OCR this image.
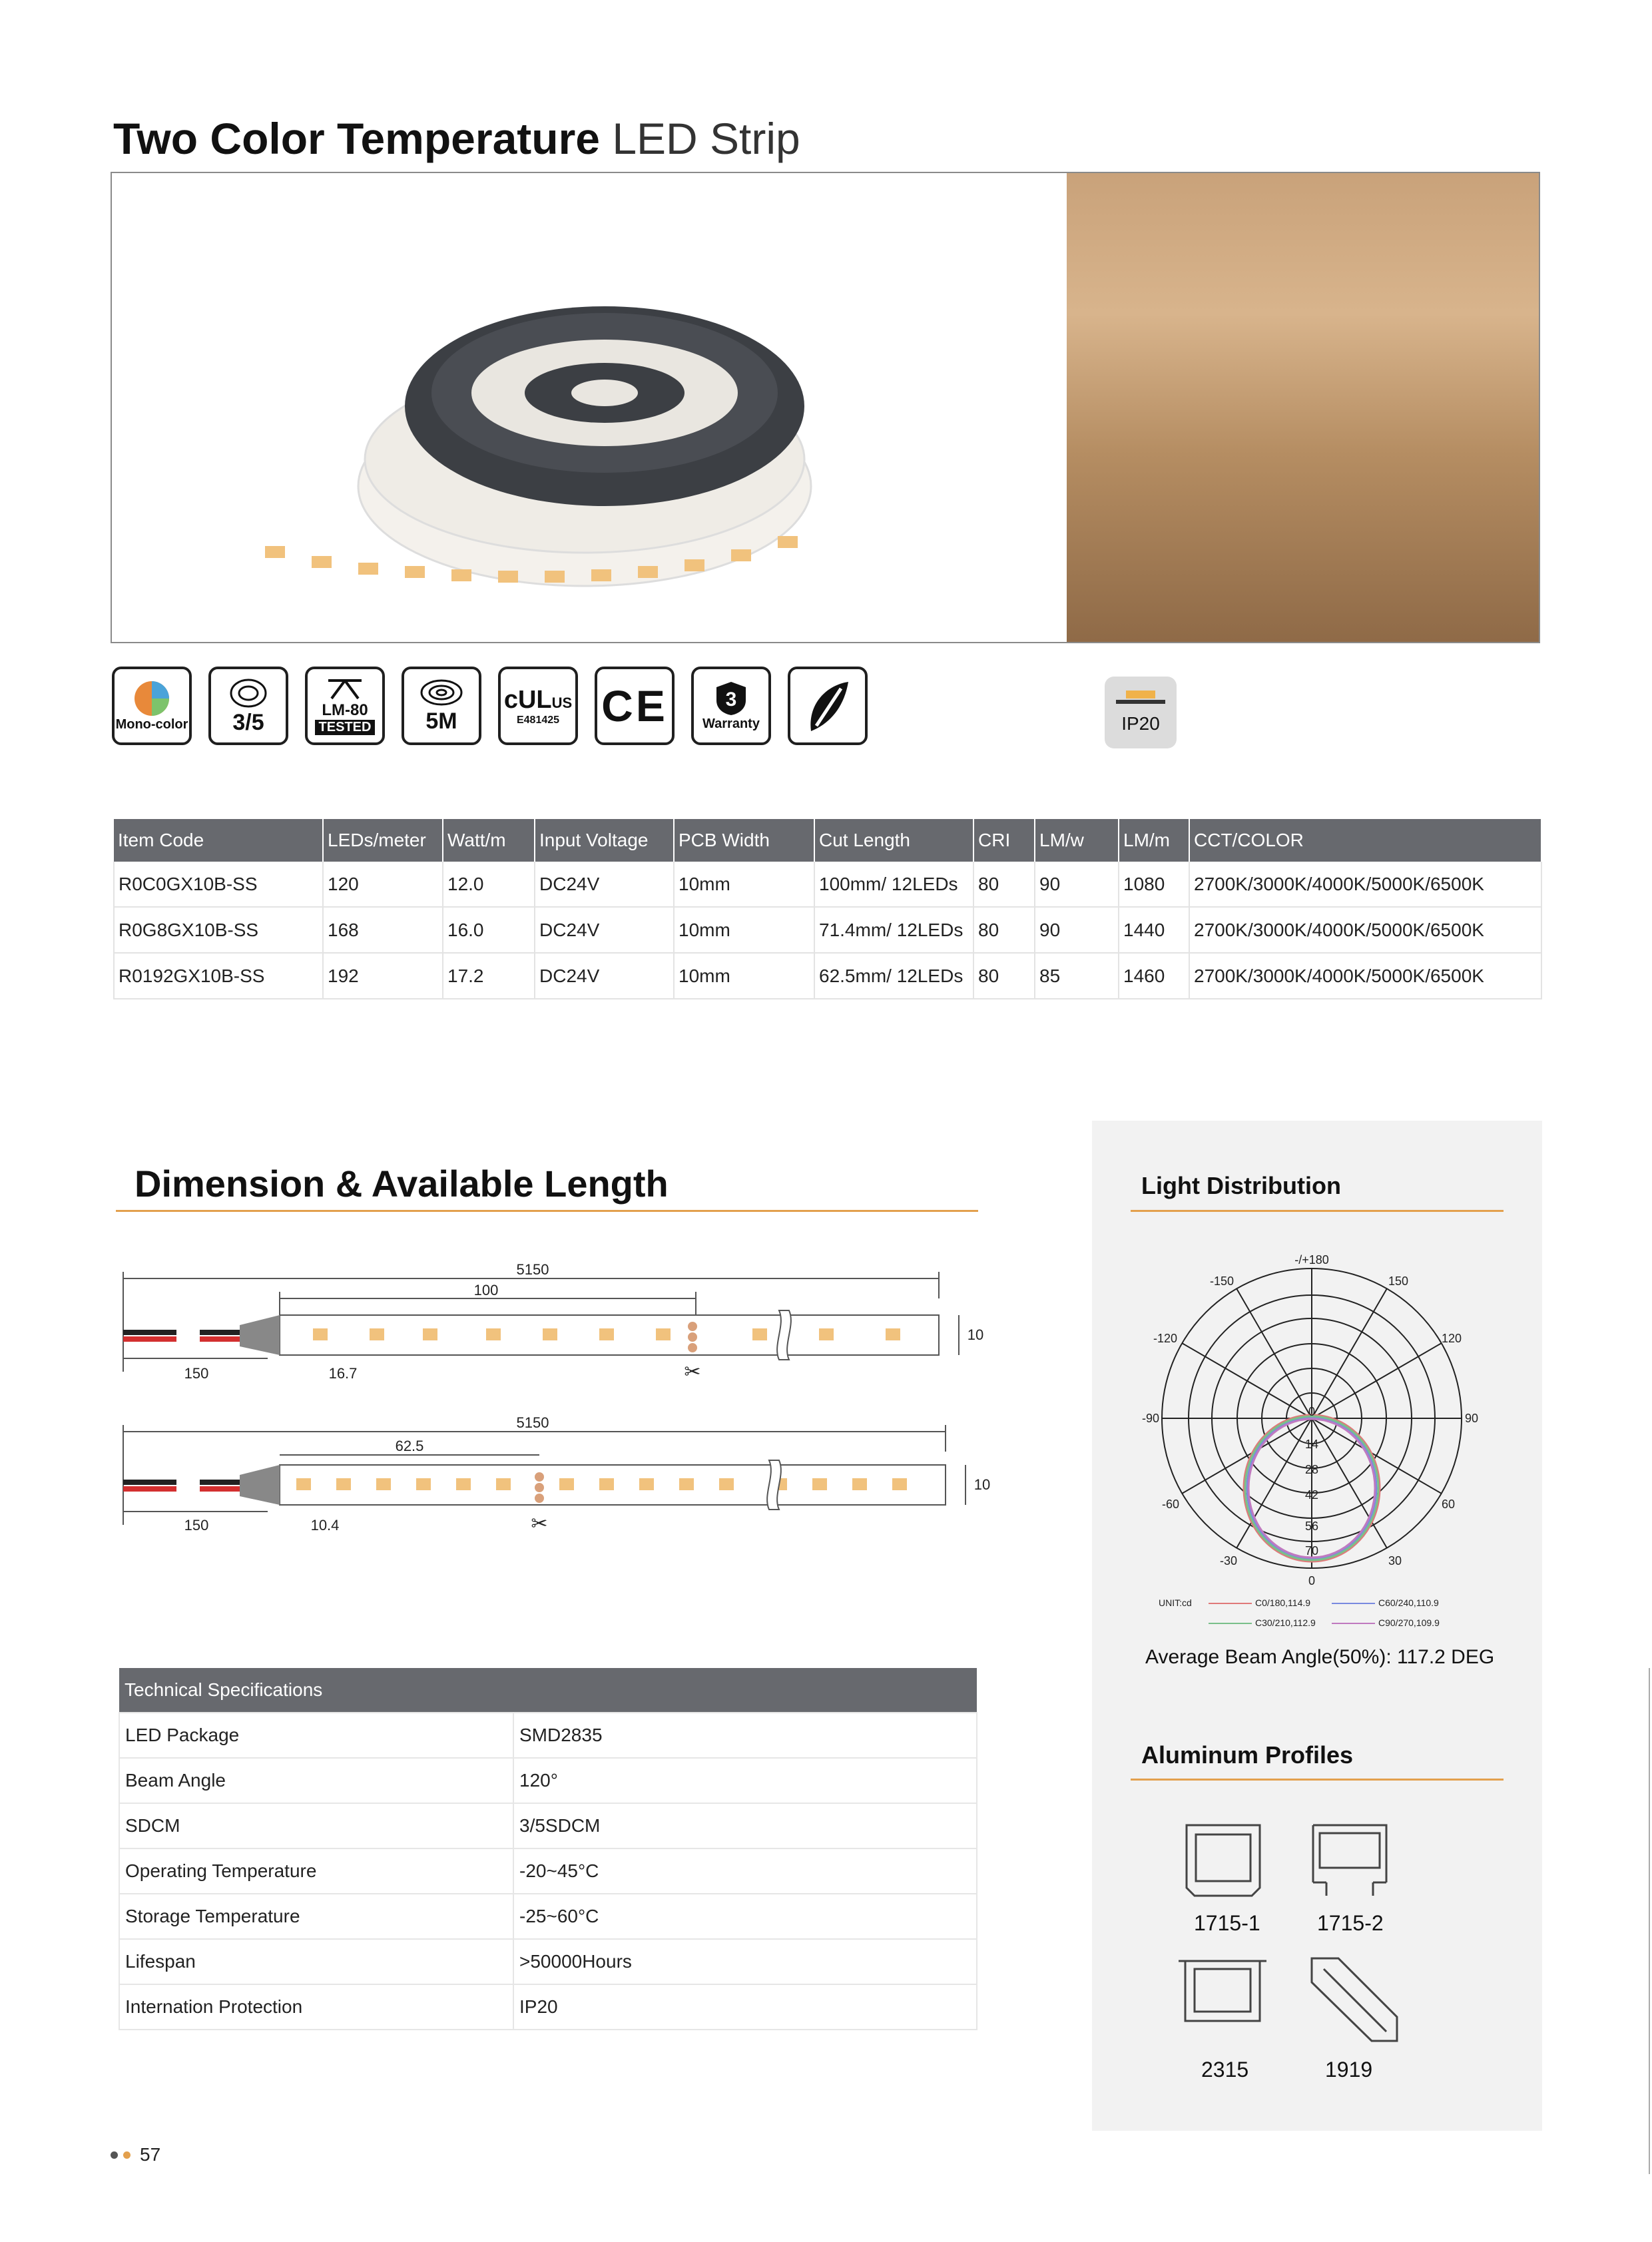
Two Color Temperature LED Strip
Mono-color 3/5	LM-80
TESTED 5M
cULUS
E481425 CE	3
Warranty	IP20
Item Code	LEDs/meter	Watt/m	Input Voltage	PCB Width	Cut Length	CRI	LM/w	LM/m	CCT/COLOR
R0C0GX10B-SS	120	12.0	DC24V	10mm	100mm/ 12LEDs	80	90	1080	2700K/3000K/4000K/5000K/6500K
R0G8GX10B-SS	168	16.0	DC24V	10mm	71.4mm/ 12LEDs	80	90	1440	2700K/3000K/4000K/5000K/6500K
R0192GX10B-SS	192	17.2	DC24V	10mm	62.5mm/ 12LEDs	80	85	1460	2700K/3000K/4000K/5000K/6500K
Dimension & Available Length
5150
100
150	16.7
10
5150
62.5
150	10.4
10
✂
✂
Technical Specifications	
LED Package	SMD2835
Beam Angle	120°
SDCM	3/5SDCM
Operating Temperature	-20~45°C
Storage Temperature	-25~60°C
Lifespan	>50000Hours
Internation Protection	IP20
Light Distribution
-/+180
-150	150
-120	120
-90	90
-60	60
-30	30
0
0
14
28
42
56
70
UNIT:cd	C0/180,114.9	C60/240,110.9
C30/210,112.9	C90/270,109.9
Average Beam Angle(50%): 117.2 DEG
Aluminum Profiles
1715-1	1715-2
2315	1919
57
